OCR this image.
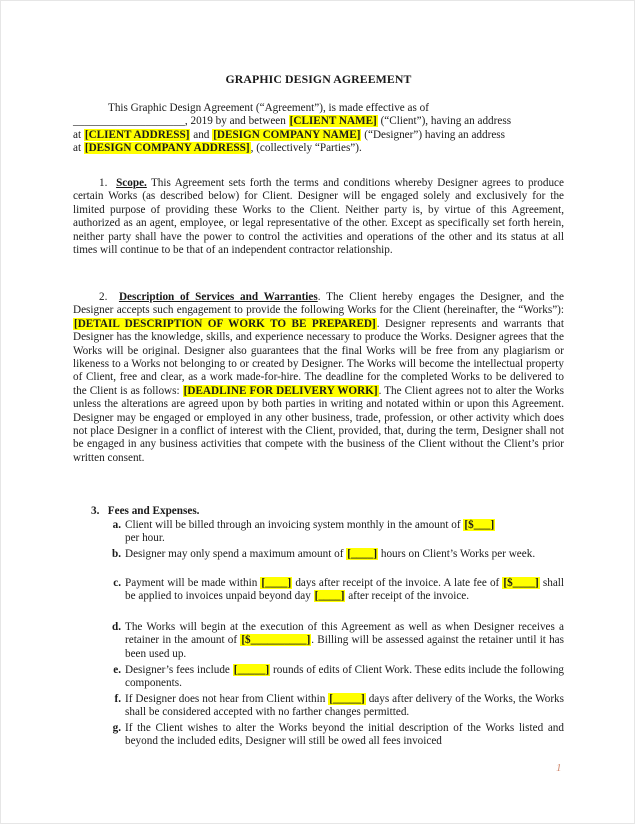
GRAPHIC DESIGN AGREEMENT
This Graphic Design Agreement (“Agreement”), is made effective as of
____________________, 2019 by and between [CLIENT NAME] (“Client”), having an address
at [CLIENT ADDRESS] and [DESIGN COMPANY NAME] (“Designer”) having an address
at [DESIGN COMPANY ADDRESS], (collectively “Parties”).
1. Scope. This Agreement sets forth the terms and conditions whereby Designer agrees to produce certain Works (as described below) for Client. Designer will be engaged solely and exclusively for the limited purpose of providing these Works to the Client. Neither party is, by virtue of this Agreement, authorized as an agent, employee, or legal representative of the other. Except as specifically set forth herein, neither party shall have the power to control the activities and operations of the other and its status at all times will continue to be that of an independent contractor relationship.
2. Description of Services and Warranties. The Client hereby engages the Designer, and the Designer accepts such engagement to provide the following Works for the Client (hereinafter, the “Works”): [DETAIL DESCRIPTION OF WORK TO BE PREPARED]. Designer represents and warrants that Designer has the knowledge, skills, and experience necessary to produce the Works. Designer agrees that the Works will be original. Designer also guarantees that the final Works will be free from any plagiarism or likeness to a Works not belonging to or created by Designer. The Works will become the intellectual property of Client, free and clear, as a work made-for-hire. The deadline for the completed Works to be delivered to the Client is as follows: [DEADLINE FOR DELIVERY WORK]. The Client agrees not to alter the Works unless the alterations are agreed upon by both parties in writing and notated within or upon this Agreement. Designer may be engaged or employed in any other business, trade, profession, or other activity which does not place Designer in a conflict of interest with the Client, provided, that, during the term, Designer shall not be engaged in any business activities that compete with the business of the Client without the Client’s prior written consent.
3.   Fees and Expenses.
a. Client will be billed through an invoicing system monthly in the amount of [$___]
per hour.
b. Designer may only spend a maximum amount of [____] hours on Client’s Works per week.
c. Payment will be made within [____] days after receipt of the invoice. A late fee of [$____] shall be applied to invoices unpaid beyond day [____] after receipt of the invoice.
d. The Works will begin at the execution of this Agreement as well as when Designer receives a retainer in the amount of [$__________]. Billing will be assessed against the retainer until it has been used up.
e. Designer’s fees include [_____] rounds of edits of Client Work. These edits include the following components.
f. If Designer does not hear from Client within [_____] days after delivery of the Works, the Works shall be considered accepted with no farther changes permitted.
g. If the Client wishes to alter the Works beyond the initial description of the Works listed and beyond the included edits, Designer will still be owed all fees invoiced
1
